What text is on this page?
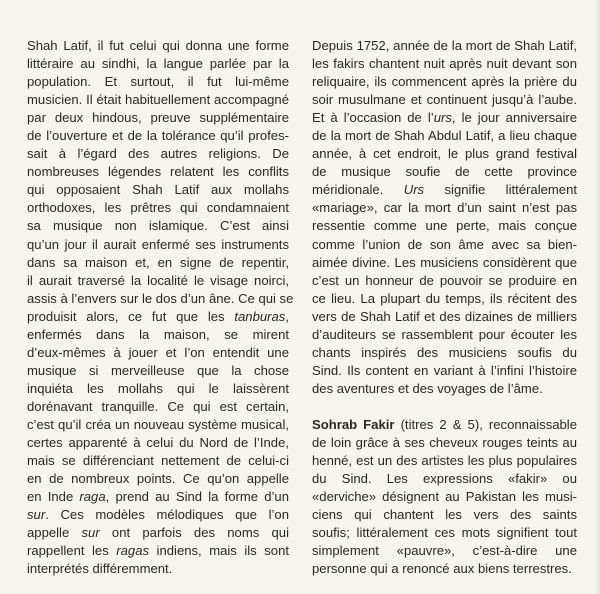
Shah Latif, il fut celui qui donna une forme
littéraire au sindhi, la langue parlée par la
population. Et surtout, il fut lui-même
musicien. Il était habituellement accompagné
par deux hindous, preuve supplémentaire
de l’ouverture et de la tolérance qu’il profes-
sait à l’égard des autres religions. De
nombreuses légendes relatent les conflits
qui opposaient Shah Latif aux mollahs
orthodoxes, les prêtres qui condamnaient
sa musique non islamique. C’est ainsi
qu’un jour il aurait enfermé ses instruments
dans sa maison et, en signe de repentir,
il aurait traversé la localité le visage noirci,
assis à l’envers sur le dos d’un âne. Ce qui se
produisit alors, ce fut que les tanburas,
enfermés dans la maison, se mirent
d’eux-mêmes à jouer et l’on entendit une
musique si merveilleuse que la chose
inquiéta les mollahs qui le laissèrent
dorénavant tranquille. Ce qui est certain,
c’est qu’il créa un nouveau système musical,
certes apparenté à celui du Nord de l’Inde,
mais se différenciant nettement de celui-ci
en de nombreux points. Ce qu’on appelle
en Inde raga, prend au Sind la forme d’un
sur. Ces modèles mélodiques que l’on
appelle sur ont parfois des noms qui
rappellent les ragas indiens, mais ils sont
interprétés différemment.
Depuis 1752, année de la mort de Shah Latif,
les fakirs chantent nuit après nuit devant son
reliquaire, ils commencent après la prière du
soir musulmane et continuent jusqu’à l’aube.
Et à l’occasion de l’urs, le jour anniversaire
de la mort de Shah Abdul Latif, a lieu chaque
année, à cet endroit, le plus grand festival
de musique soufie de cette province
méridionale. Urs signifie littéralement
«mariage», car la mort d’un saint n’est pas
ressentie comme une perte, mais conçue
comme l’union de son âme avec sa bien-
aimée divine. Les musiciens considèrent que
c’est un honneur de pouvoir se produire en
ce lieu. La plupart du temps, ils récitent des
vers de Shah Latif et des dizaines de milliers
d’auditeurs se rassemblent pour écouter les
chants inspirés des musiciens soufis du
Sind. Ils content en variant à l’infini l’histoire
des aventures et des voyages de l’âme.
Sohrab Fakir (titres 2 & 5), reconnaissable
de loin grâce à ses cheveux rouges teints au
henné, est un des artistes les plus populaires
du Sind. Les expressions «fakir» ou
«derviche» désignent au Pakistan les musi-
ciens qui chantent les vers des saints
soufis; littéralement ces mots signifient tout
simplement «pauvre», c’est-à-dire une
personne qui a renoncé aux biens terrestres.
